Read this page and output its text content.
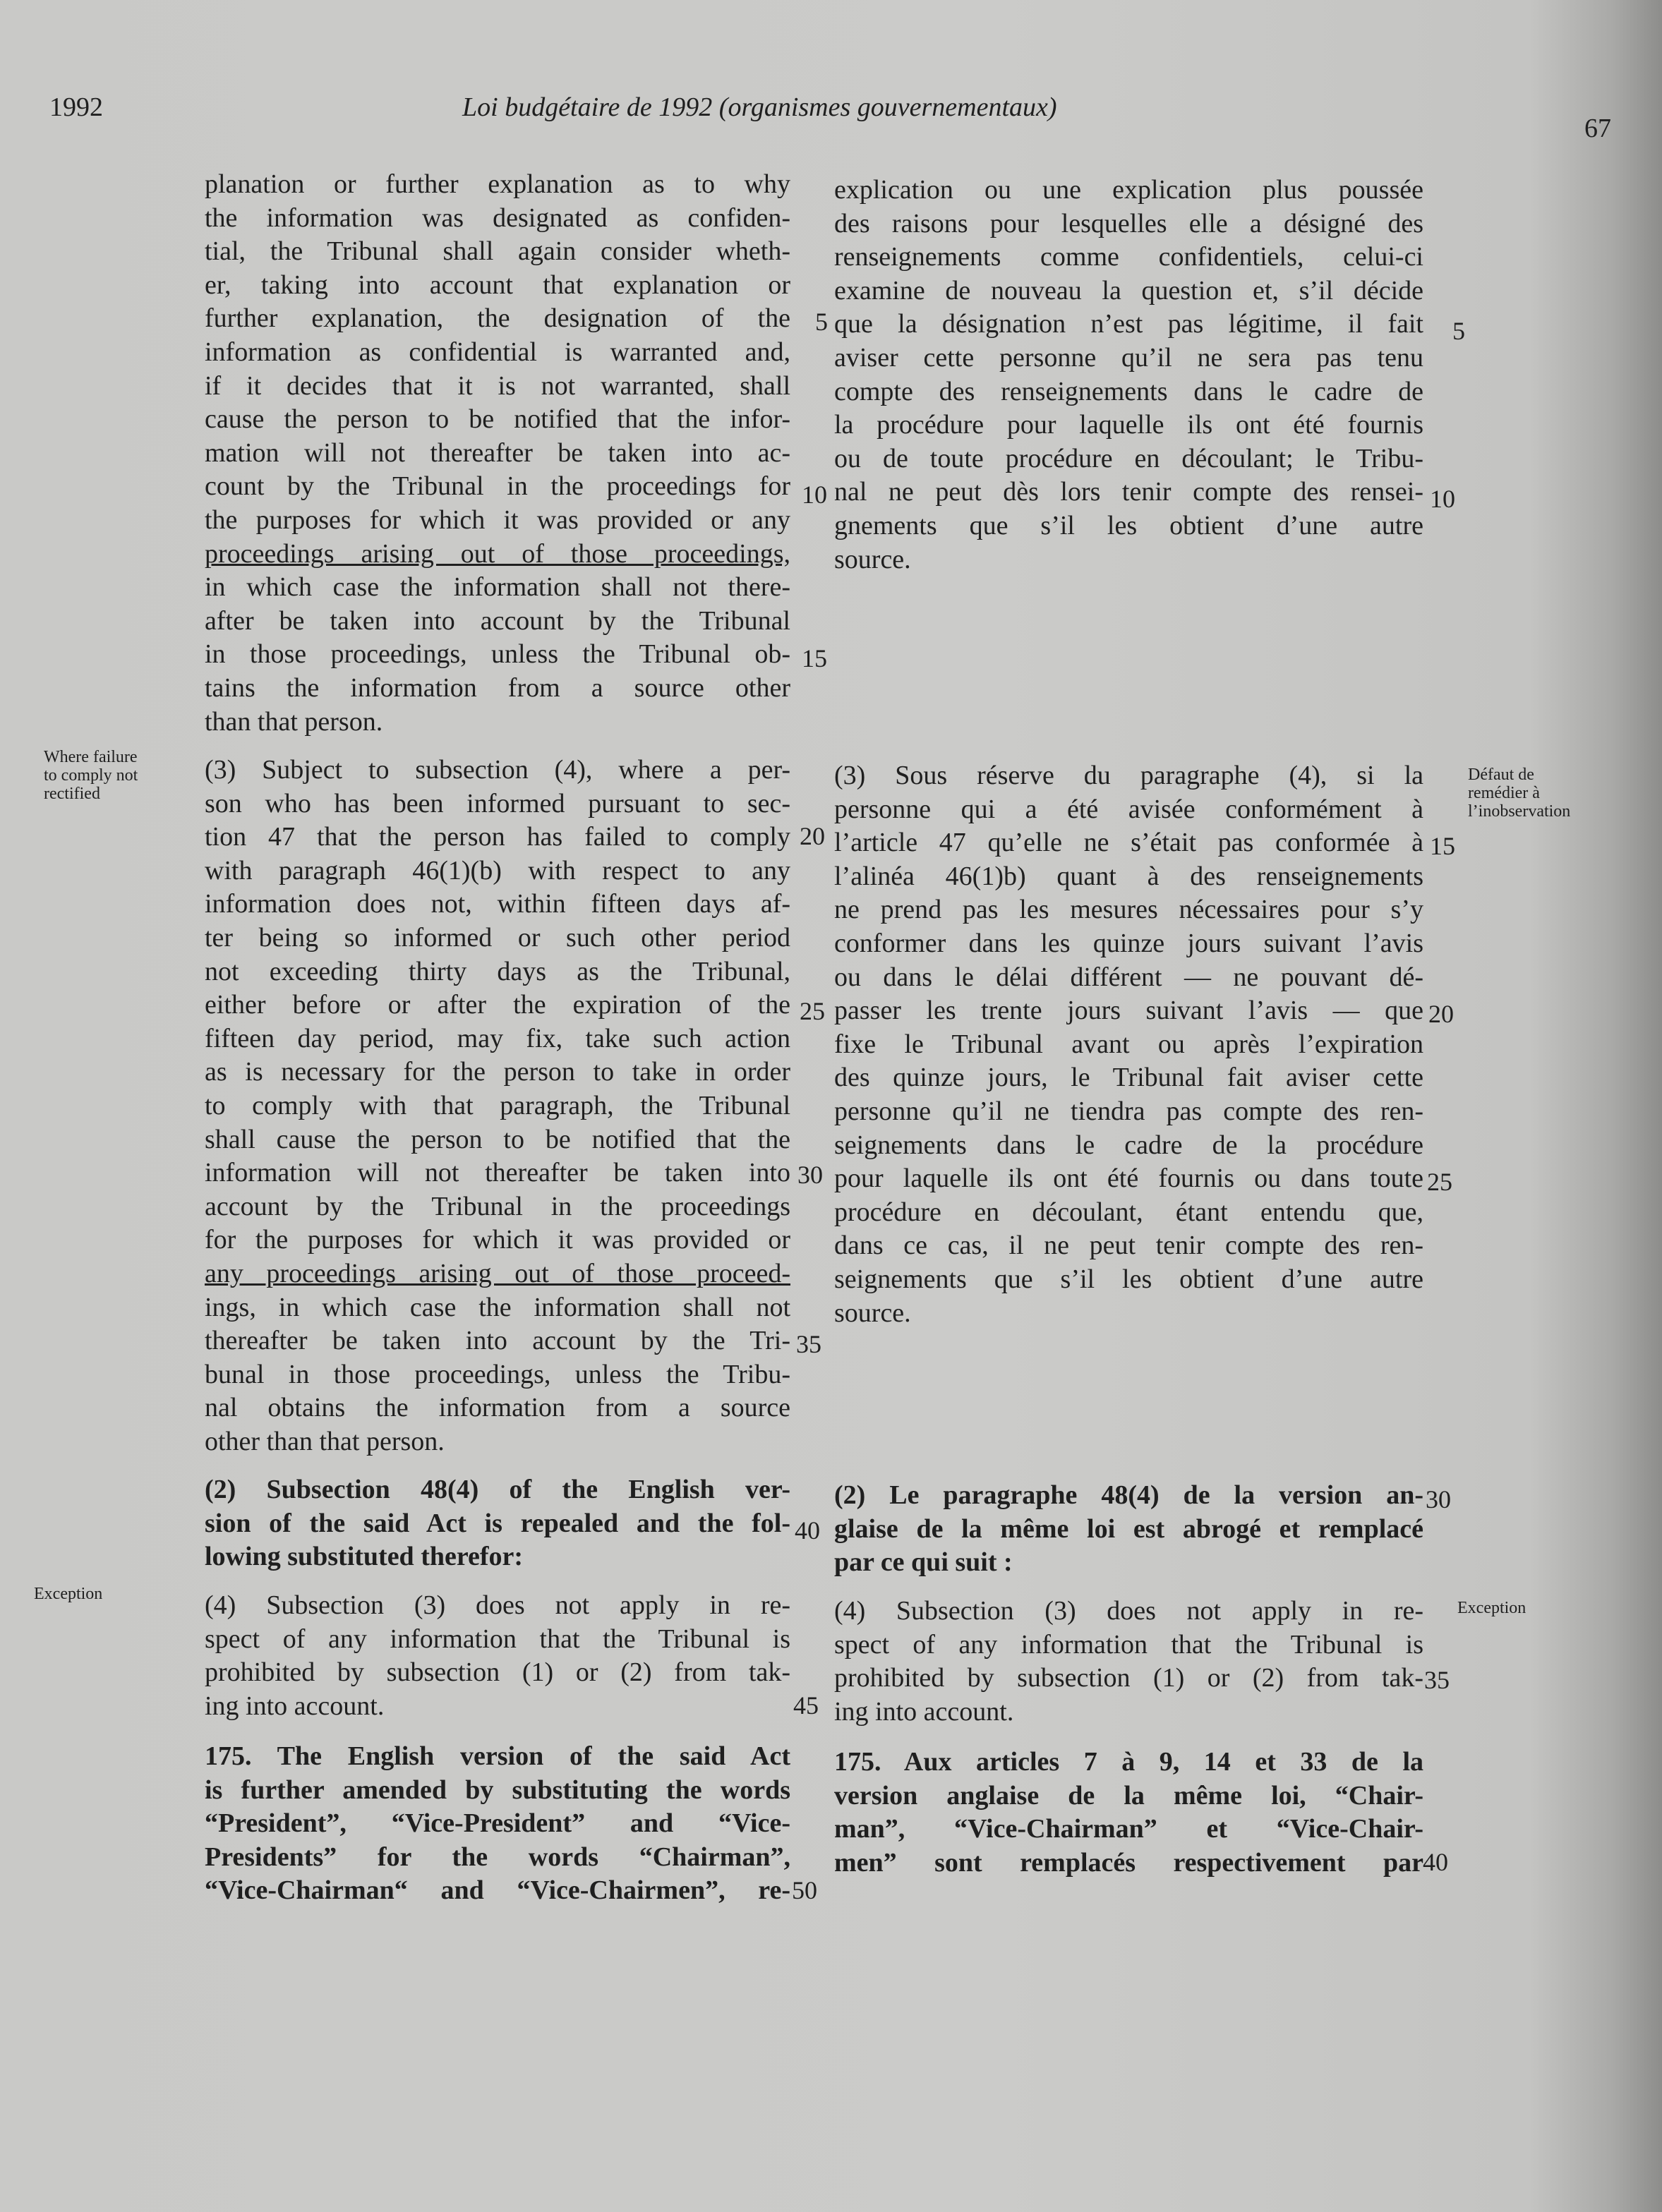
1992	Loi budgétaire de 1992 (organismes gouvernementaux)
67
Where failure
to comply not
rectified
Exception
Défaut de
remédier à
l’inobservation
Exception
planation or further explanation as to why
the information was designated as confiden-
tial, the Tribunal shall again consider wheth-
er, taking into account that explanation or
further explanation, the designation of the
information as confidential is warranted and,
if it decides that it is not warranted, shall
cause the person to be notified that the infor-
mation will not thereafter be taken into ac-
count by the Tribunal in the proceedings for
the purposes for which it was provided or any
proceedings arising out of those proceedings,
in which case the information shall not there-
after be taken into account by the Tribunal
in those proceedings, unless the Tribunal ob-
tains the information from a source other
than that person.
(3) Subject to subsection (4), where a per-
son who has been informed pursuant to sec-
tion 47 that the person has failed to comply
with paragraph 46(1)(b) with respect to any
information does not, within fifteen days af-
ter being so informed or such other period
not exceeding thirty days as the Tribunal,
either before or after the expiration of the
fifteen day period, may fix, take such action
as is necessary for the person to take in order
to comply with that paragraph, the Tribunal
shall cause the person to be notified that the
information will not thereafter be taken into
account by the Tribunal in the proceedings
for the purposes for which it was provided or
any proceedings arising out of those proceed-
ings, in which case the information shall not
thereafter be taken into account by the Tri-
bunal in those proceedings, unless the Tribu-
nal obtains the information from a source
other than that person.
(2) Subsection 48(4) of the English ver-
sion of the said Act is repealed and the fol-
lowing substituted therefor:
(4) Subsection (3) does not apply in re-
spect of any information that the Tribunal is
prohibited by subsection (1) or (2) from tak-
ing into account.
175. The English version of the said Act
is further amended by substituting the words
“President”, “Vice-President” and “Vice-
Presidents” for the words “Chairman”,
“Vice-Chairman“ and “Vice-Chairmen”, re-
explication ou une explication plus poussée
des raisons pour lesquelles elle a désigné des
renseignements comme confidentiels, celui-ci
examine de nouveau la question et, s’il décide
que la désignation n’est pas légitime, il fait
aviser cette personne qu’il ne sera pas tenu
compte des renseignements dans le cadre de
la procédure pour laquelle ils ont été fournis
ou de toute procédure en découlant; le Tribu-
nal ne peut dès lors tenir compte des rensei-
gnements que s’il les obtient d’une autre
source.
(3) Sous réserve du paragraphe (4), si la
personne qui a été avisée conformément à
l’article 47 qu’elle ne s’était pas conformée à
l’alinéa 46(1)b) quant à des renseignements
ne prend pas les mesures nécessaires pour s’y
conformer dans les quinze jours suivant l’avis
ou dans le délai différent — ne pouvant dé-
passer les trente jours suivant l’avis — que
fixe le Tribunal avant ou après l’expiration
des quinze jours, le Tribunal fait aviser cette
personne qu’il ne tiendra pas compte des ren-
seignements dans le cadre de la procédure
pour laquelle ils ont été fournis ou dans toute
procédure en découlant, étant entendu que,
dans ce cas, il ne peut tenir compte des ren-
seignements que s’il les obtient d’une autre
source.
(2) Le paragraphe 48(4) de la version an-
glaise de la même loi est abrogé et remplacé
par ce qui suit :
(4) Subsection (3) does not apply in re-
spect of any information that the Tribunal is
prohibited by subsection (1) or (2) from tak-
ing into account.
175. Aux articles 7 à 9, 14 et 33 de la
version anglaise de la même loi, “Chair-
man”, “Vice-Chairman” et “Vice-Chair-
men” sont remplacés respectivement par
5
10
15
20
25
30
35
40
45
50
5
10
15
20
25
30
35
40
